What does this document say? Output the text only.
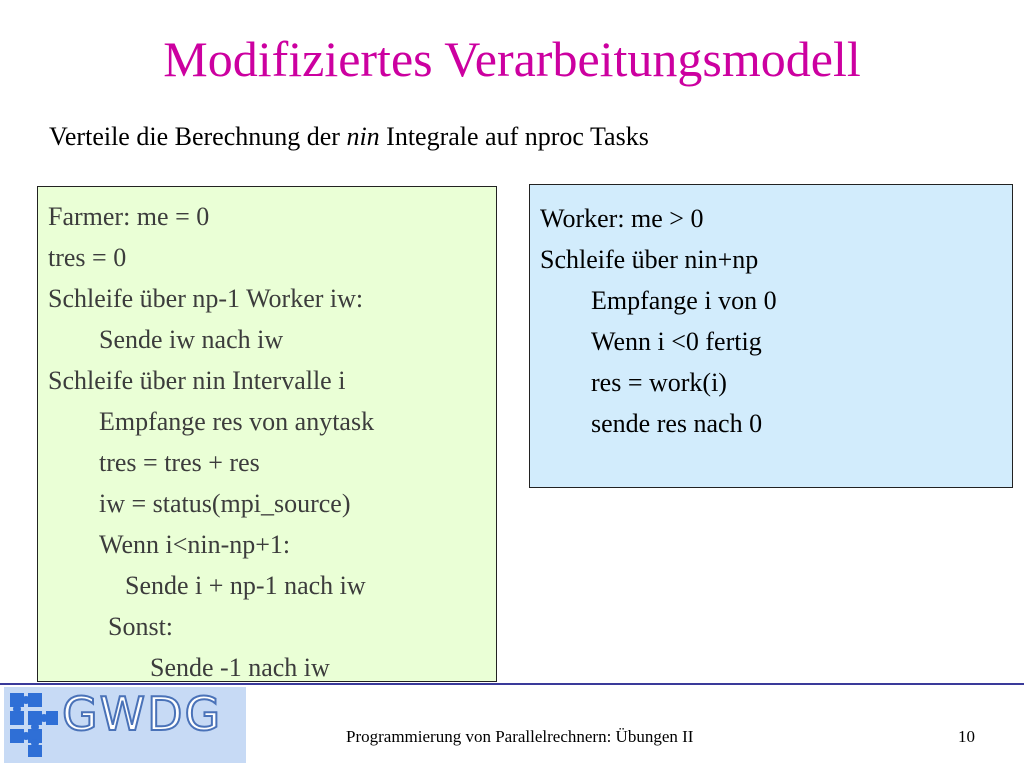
Modifiziertes Verarbeitungsmodell
Verteile die Berechnung der nin Integrale auf nproc Tasks
Farmer: me = 0
tres = 0
Schleife über np-1 Worker iw:
Sende iw nach iw
Schleife über nin Intervalle i
Empfange res von anytask
tres = tres + res
iw = status(mpi_source)
Wenn i<nin-np+1:
Sende i + np-1 nach iw
Sonst:
Sende -1 nach iw
Worker: me > 0
Schleife über nin+np
Empfange i von 0
Wenn i <0 fertig
res = work(i)
sende res nach 0
GWDG	Programmierung von Parallelrechnern: Übungen II	10
